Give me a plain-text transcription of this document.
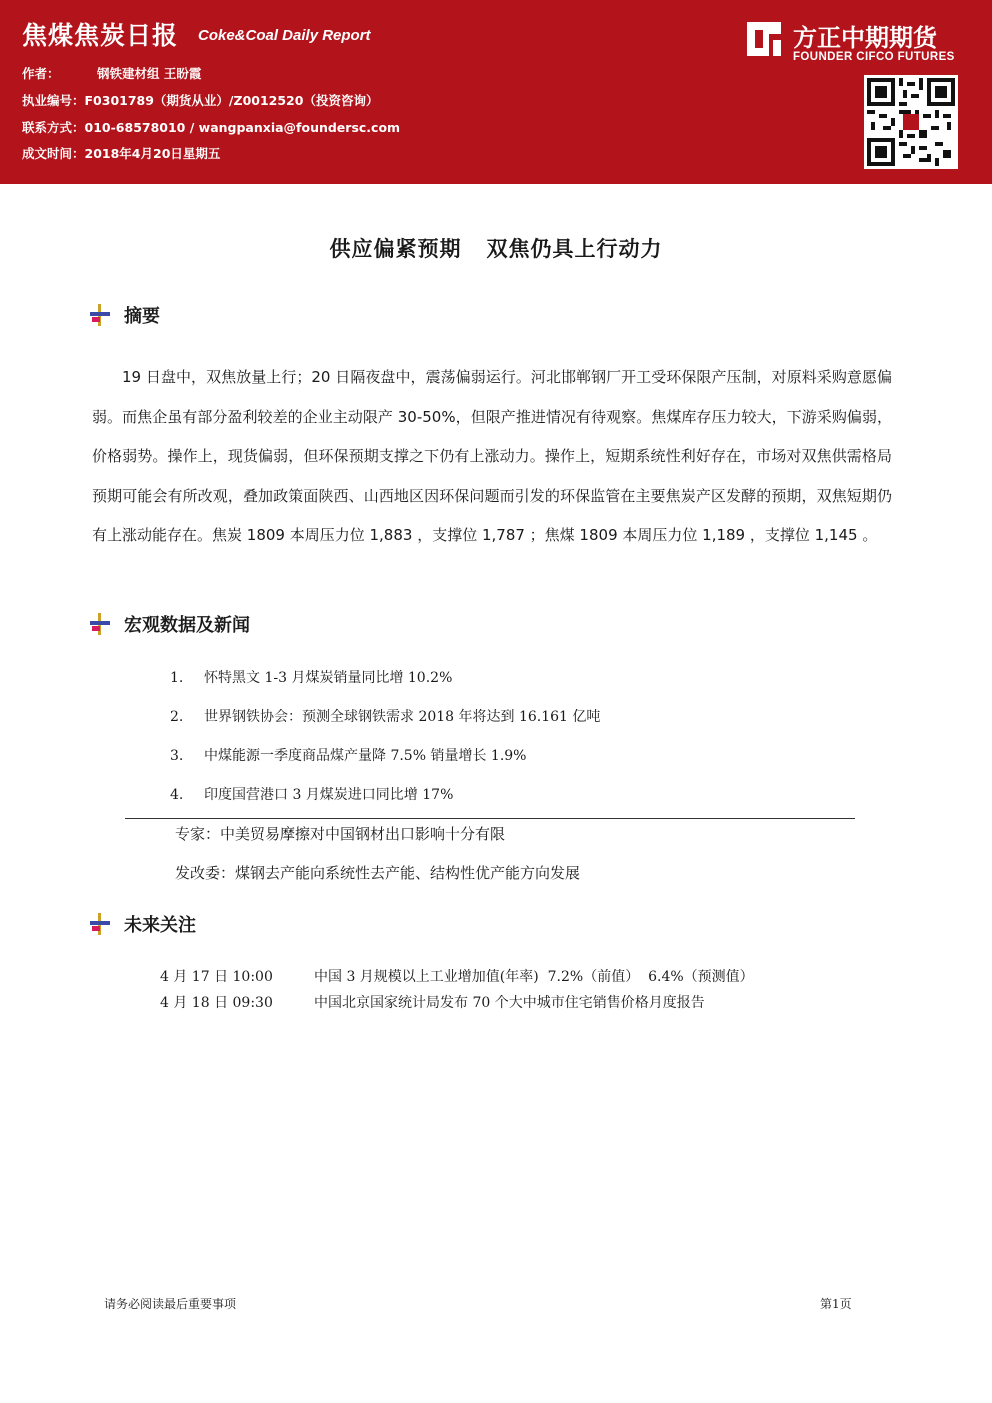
焦煤焦炭日报 Coke&Coal Daily Report
作者：	钢铁建材组 王盼霞
执业编号：F0301789（期货从业）/Z0012520（投资咨询）
联系方式：010-68578010 / wangpanxia@foundersc.com
成文时间：2018年4月20日星期五
方正中期期货
FOUNDER CIFCO FUTURES
供应偏紧预期   双焦仍具上行动力
摘要
19 日盘中，双焦放量上行；20 日隔夜盘中，震荡偏弱运行。河北邯郸钢厂开工受环保限产压制，对原料采购意愿偏弱。而焦企虽有部分盈利较差的企业主动限产 30-50%，但限产推进情况有待观察。焦煤库存压力较大，下游采购偏弱，价格弱势。操作上，现货偏弱，但环保预期支撑之下仍有上涨动力。操作上，短期系统性利好存在，市场对双焦供需格局预期可能会有所改观，叠加政策面陕西、山西地区因环保问题而引发的环保监管在主要焦炭产区发酵的预期，双焦短期仍有上涨动能存在。焦炭 1809 本周压力位 1,883 ，支撑位 1,787 ；焦煤 1809 本周压力位 1,189 ，支撑位 1,145 。
宏观数据及新闻
1. 怀特黑文 1-3 月煤炭销量同比增 10.2%
2. 世界钢铁协会：预测全球钢铁需求 2018 年将达到 16.161 亿吨
3. 中煤能源一季度商品煤产量降 7.5% 销量增长 1.9%
4. 印度国营港口 3 月煤炭进口同比增 17%
专家：中美贸易摩擦对中国钢材出口影响十分有限
发改委：煤钢去产能向系统性去产能、结构性优产能方向发展
未来关注
4 月 17 日 10:00	中国 3 月规模以上工业增加值(年率)  7.2%（前值）  6.4%（预测值）
4 月 18 日 09:30	中国北京国家统计局发布 70 个大中城市住宅销售价格月度报告
请务必阅读最后重要事项	第1页
